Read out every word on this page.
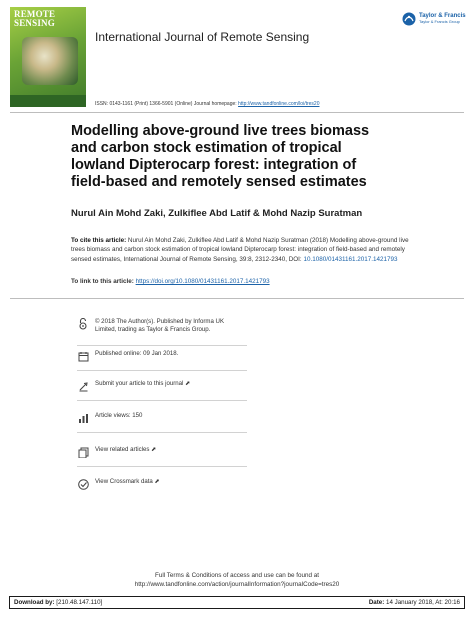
REMOTE
SENSING
International Journal of Remote Sensing
Taylor & Francis
Taylor & Francis Group
ISSN: 0143-1161 (Print) 1366-5901 (Online) Journal homepage: http://www.tandfonline.com/loi/tres20
Modelling above-ground live trees biomass and carbon stock estimation of tropical lowland Dipterocarp forest: integration of field-based and remotely sensed estimates
Nurul Ain Mohd Zaki, Zulkiflee Abd Latif & Mohd Nazip Suratman
To cite this article: Nurul Ain Mohd Zaki, Zulkiflee Abd Latif & Mohd Nazip Suratman (2018) Modelling above-ground live trees biomass and carbon stock estimation of tropical lowland Dipterocarp forest: integration of field-based and remotely sensed estimates, International Journal of Remote Sensing, 39:8, 2312-2340, DOI: 10.1080/01431161.2017.1421793
To link to this article: https://doi.org/10.1080/01431161.2017.1421793
© 2018 The Author(s). Published by Informa UK Limited, trading as Taylor & Francis Group.
Published online: 09 Jan 2018.
Submit your article to this journal ⬈
Article views: 150
View related articles ⬈
View Crossmark data ⬈
Full Terms & Conditions of access and use can be found at
http://www.tandfonline.com/action/journalInformation?journalCode=tres20
Download by: [210.48.147.110]	Date: 14 January 2018, At: 20:16
